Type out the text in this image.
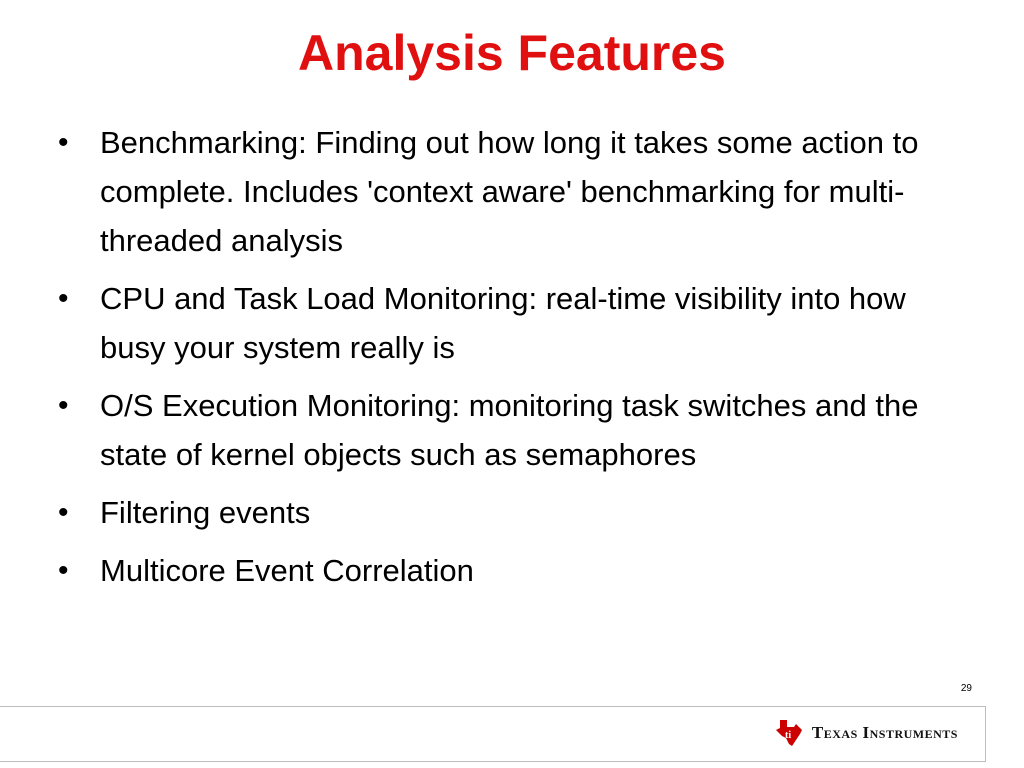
Analysis Features
• Benchmarking: Finding out how long it takes some action to complete. Includes 'context aware' benchmarking for multi-threaded analysis
• CPU and Task Load Monitoring: real-time visibility into how busy your system really is
• O/S Execution Monitoring: monitoring task switches and the state of kernel objects such as semaphores
• Filtering events
• Multicore Event Correlation
29
ti Texas Instruments
